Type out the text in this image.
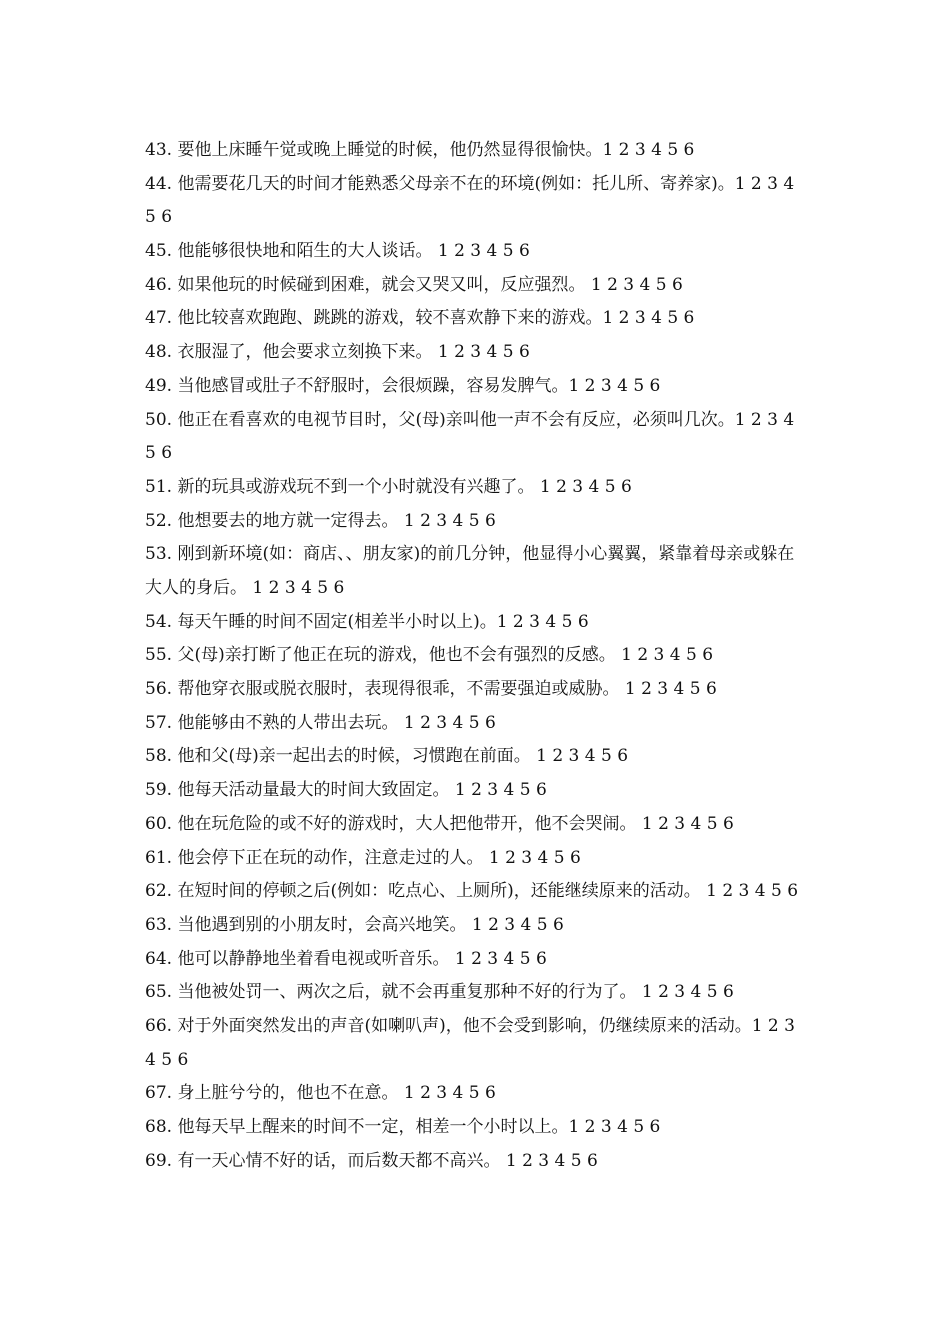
43. 要他上床睡午觉或晚上睡觉的时候，他仍然显得很愉快。1 2 3 4 5 6
44. 他需要花几天的时间才能熟悉父母亲不在的环境(例如：托儿所、寄养家)。1 2 3 4 5 6
45. 他能够很快地和陌生的大人谈话。 1 2 3 4 5 6
46. 如果他玩的时候碰到困难，就会又哭又叫，反应强烈。 1 2 3 4 5 6
47. 他比较喜欢跑跑、跳跳的游戏，较不喜欢静下来的游戏。1 2 3 4 5 6
48. 衣服湿了，他会要求立刻换下来。 1 2 3 4 5 6
49. 当他感冒或肚子不舒服时，会很烦躁，容易发脾气。1 2 3 4 5 6
50. 他正在看喜欢的电视节目时，父(母)亲叫他一声不会有反应，必须叫几次。1 2 3 4 5 6
51. 新的玩具或游戏玩不到一个小时就没有兴趣了。 1 2 3 4 5 6
52. 他想要去的地方就一定得去。 1 2 3 4 5 6
53. 刚到新环境(如：商店、、朋友家)的前几分钟，他显得小心翼翼，紧靠着母亲或躲在大人的身后。 1 2 3 4 5 6
54. 每天午睡的时间不固定(相差半小时以上)。1 2 3 4 5 6
55. 父(母)亲打断了他正在玩的游戏，他也不会有强烈的反感。 1 2 3 4 5 6
56. 帮他穿衣服或脱衣服时，表现得很乖，不需要强迫或威胁。 1 2 3 4 5 6
57. 他能够由不熟的人带出去玩。 1 2 3 4 5 6
58. 他和父(母)亲一起出去的时候，习惯跑在前面。 1 2 3 4 5 6
59. 他每天活动量最大的时间大致固定。 1 2 3 4 5 6
60. 他在玩危险的或不好的游戏时，大人把他带开，他不会哭闹。 1 2 3 4 5 6
61. 他会停下正在玩的动作，注意走过的人。 1 2 3 4 5 6
62. 在短时间的停顿之后(例如：吃点心、上厕所)，还能继续原来的活动。 1 2 3 4 5 6
63. 当他遇到别的小朋友时，会高兴地笑。 1 2 3 4 5 6
64. 他可以静静地坐着看电视或听音乐。 1 2 3 4 5 6
65. 当他被处罚一、两次之后，就不会再重复那种不好的行为了。 1 2 3 4 5 6
66. 对于外面突然发出的声音(如喇叭声)，他不会受到影响，仍继续原来的活动。1 2 3 4 5 6
67. 身上脏兮兮的，他也不在意。 1 2 3 4 5 6
68. 他每天早上醒来的时间不一定，相差一个小时以上。1 2 3 4 5 6
69. 有一天心情不好的话，而后数天都不高兴。 1 2 3 4 5 6
